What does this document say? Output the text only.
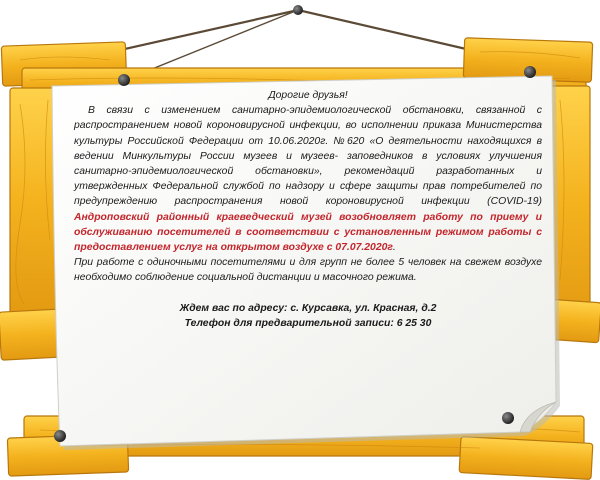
Дорогие друзья!

В связи с изменением санитарно-эпидемиологической обстановки, связанной с распространением новой короновирусной инфекции, во исполнении приказа Министерства культуры Российской Федерации от 10.06.2020г. №620 «О деятельности находящихся в ведении Минкультуры России музеев и музеев- заповедников в условиях улучшения санитарно-эпидемиологической обстановки», рекомендаций разработанных и утвержденных Федеральной службой по надзору и сфере защиты прав потребителей по предупреждению распространения новой короновирусной инфекции (COVID-19) Андроповский районный краеведческий музей возобновляет работу по приему и обслуживанию посетителей в соответствии с установленным режимом работы с предоставлением услуг на открытом воздухе с 07.07.2020г.

При работе с одиночными посетителями и для групп не более 5 человек на свежем воздухе необходимо соблюдение социальной дистанции и масочного режима.

Ждем вас по адресу: с. Курсавка, ул. Красная, д.2

Телефон для предварительной записи: 6 25 30
